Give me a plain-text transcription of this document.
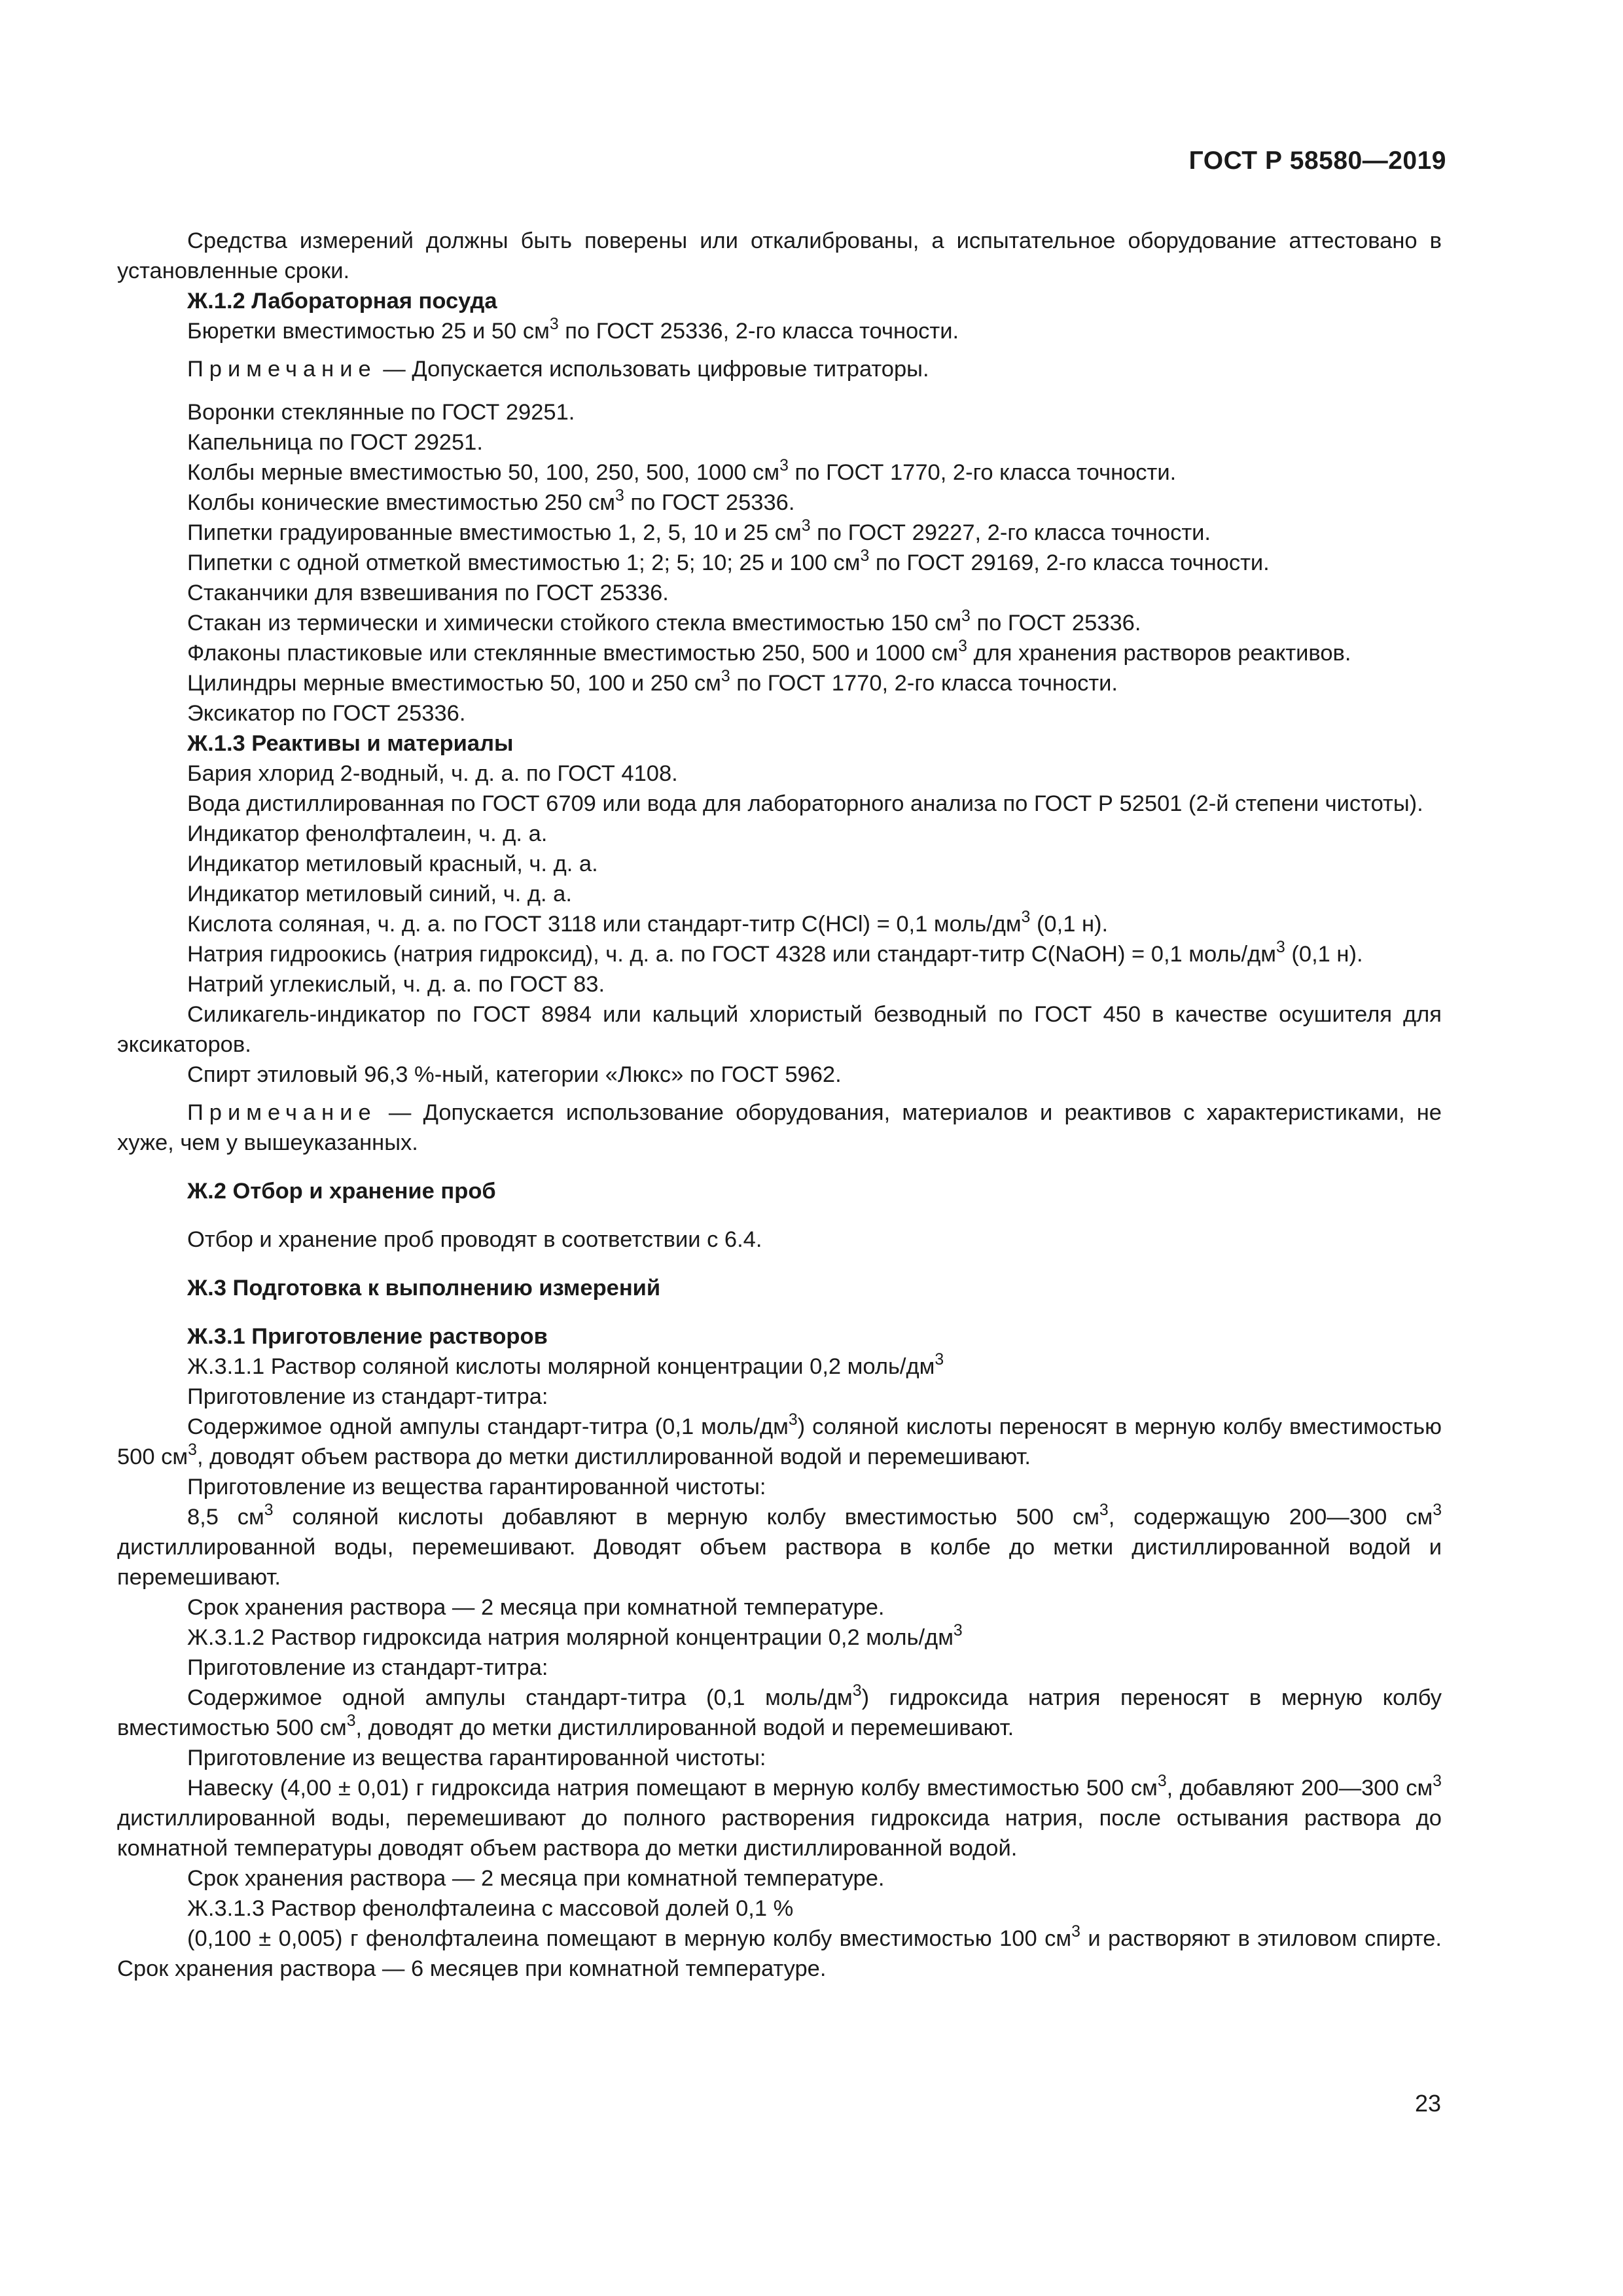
ГОСТ Р 58580—2019
Средства измерений должны быть поверены или откалиброваны, а испытательное оборудование аттестовано в установленные сроки.
Ж.1.2 Лабораторная посуда
Бюретки вместимостью 25 и 50 $см^3$ по ГОСТ 25336, 2-го класса точности.
Примечание — Допускается использовать цифровые титраторы.
Воронки стеклянные по ГОСТ 29251.
Капельница по ГОСТ 29251.
Колбы мерные вместимостью 50, 100, 250, 500, 1000 $см^3$ по ГОСТ 1770, 2-го класса точности.
Колбы конические вместимостью 250 $см^3$ по ГОСТ 25336.
Пипетки градуированные вместимостью 1, 2, 5, 10 и 25 $см^3$ по ГОСТ 29227, 2-го класса точности.
Пипетки с одной отметкой вместимостью 1; 2; 5; 10; 25 и 100 $см^3$ по ГОСТ 29169, 2-го класса точности.
Стаканчики для взвешивания по ГОСТ 25336.
Стакан из термически и химически стойкого стекла вместимостью 150 $см^3$ по ГОСТ 25336.
Флаконы пластиковые или стеклянные вместимостью 250, 500 и 1000 $см^3$ для хранения растворов реактивов.
Цилиндры мерные вместимостью 50, 100 и 250 $см^3$ по ГОСТ 1770, 2-го класса точности.
Эксикатор по ГОСТ 25336.
Ж.1.3 Реактивы и материалы
Бария хлорид 2-водный, ч. д. а. по ГОСТ 4108.
Вода дистиллированная по ГОСТ 6709 или вода для лабораторного анализа по ГОСТ Р 52501 (2-й степени чистоты).
Индикатор фенолфталеин, ч. д. а.
Индикатор метиловый красный, ч. д. а.
Индикатор метиловый синий, ч. д. а.
Кислота соляная, ч. д. а. по ГОСТ 3118 или стандарт-титр С(HCl) = 0,1 моль/$дм^3$ (0,1 н).
Натрия гидроокись (натрия гидроксид), ч. д. а. по ГОСТ 4328 или стандарт-титр С(NaOH) = 0,1 моль/$дм^3$ (0,1 н).
Натрий углекислый, ч. д. а. по ГОСТ 83.
Силикагель-индикатор по ГОСТ 8984 или кальций хлористый безводный по ГОСТ 450 в качестве осушителя для эксикаторов.
Спирт этиловый 96,3 %-ный, категории «Люкс» по ГОСТ 5962.
Примечание — Допускается использование оборудования, материалов и реактивов с характеристиками, не хуже, чем у вышеуказанных.
Ж.2 Отбор и хранение проб
Отбор и хранение проб проводят в соответствии с 6.4.
Ж.3 Подготовка к выполнению измерений
Ж.3.1 Приготовление растворов
Ж.3.1.1 Раствор соляной кислоты молярной концентрации 0,2 моль/$дм^3$
Приготовление из стандарт-титра:
Содержимое одной ампулы стандарт-титра (0,1 моль/$дм^3$) соляной кислоты переносят в мерную колбу вместимостью 500 $см^3$, доводят объем раствора до метки дистиллированной водой и перемешивают.
Приготовление из вещества гарантированной чистоты:
8,5 $см^3$ соляной кислоты добавляют в мерную колбу вместимостью 500 $см^3$, содержащую 200—300 $см^3$ дистиллированной воды, перемешивают. Доводят объем раствора в колбе до метки дистиллированной водой и перемешивают.
Срок хранения раствора — 2 месяца при комнатной температуре.
Ж.3.1.2 Раствор гидроксида натрия молярной концентрации 0,2 моль/$дм^3$
Приготовление из стандарт-титра:
Содержимое одной ампулы стандарт-титра (0,1 моль/$дм^3$) гидроксида натрия переносят в мерную колбу вместимостью 500 $см^3$, доводят до метки дистиллированной водой и перемешивают.
Приготовление из вещества гарантированной чистоты:
Навеску (4,00 ± 0,01) г гидроксида натрия помещают в мерную колбу вместимостью 500 $см^3$, добавляют 200—300 $см^3$ дистиллированной воды, перемешивают до полного растворения гидроксида натрия, после остывания раствора до комнатной температуры доводят объем раствора до метки дистиллированной водой.
Срок хранения раствора — 2 месяца при комнатной температуре.
Ж.3.1.3 Раствор фенолфталеина с массовой долей 0,1 %
(0,100 ± 0,005) г фенолфталеина помещают в мерную колбу вместимостью 100 $см^3$ и растворяют в этиловом спирте. Срок хранения раствора — 6 месяцев при комнатной температуре.
23
